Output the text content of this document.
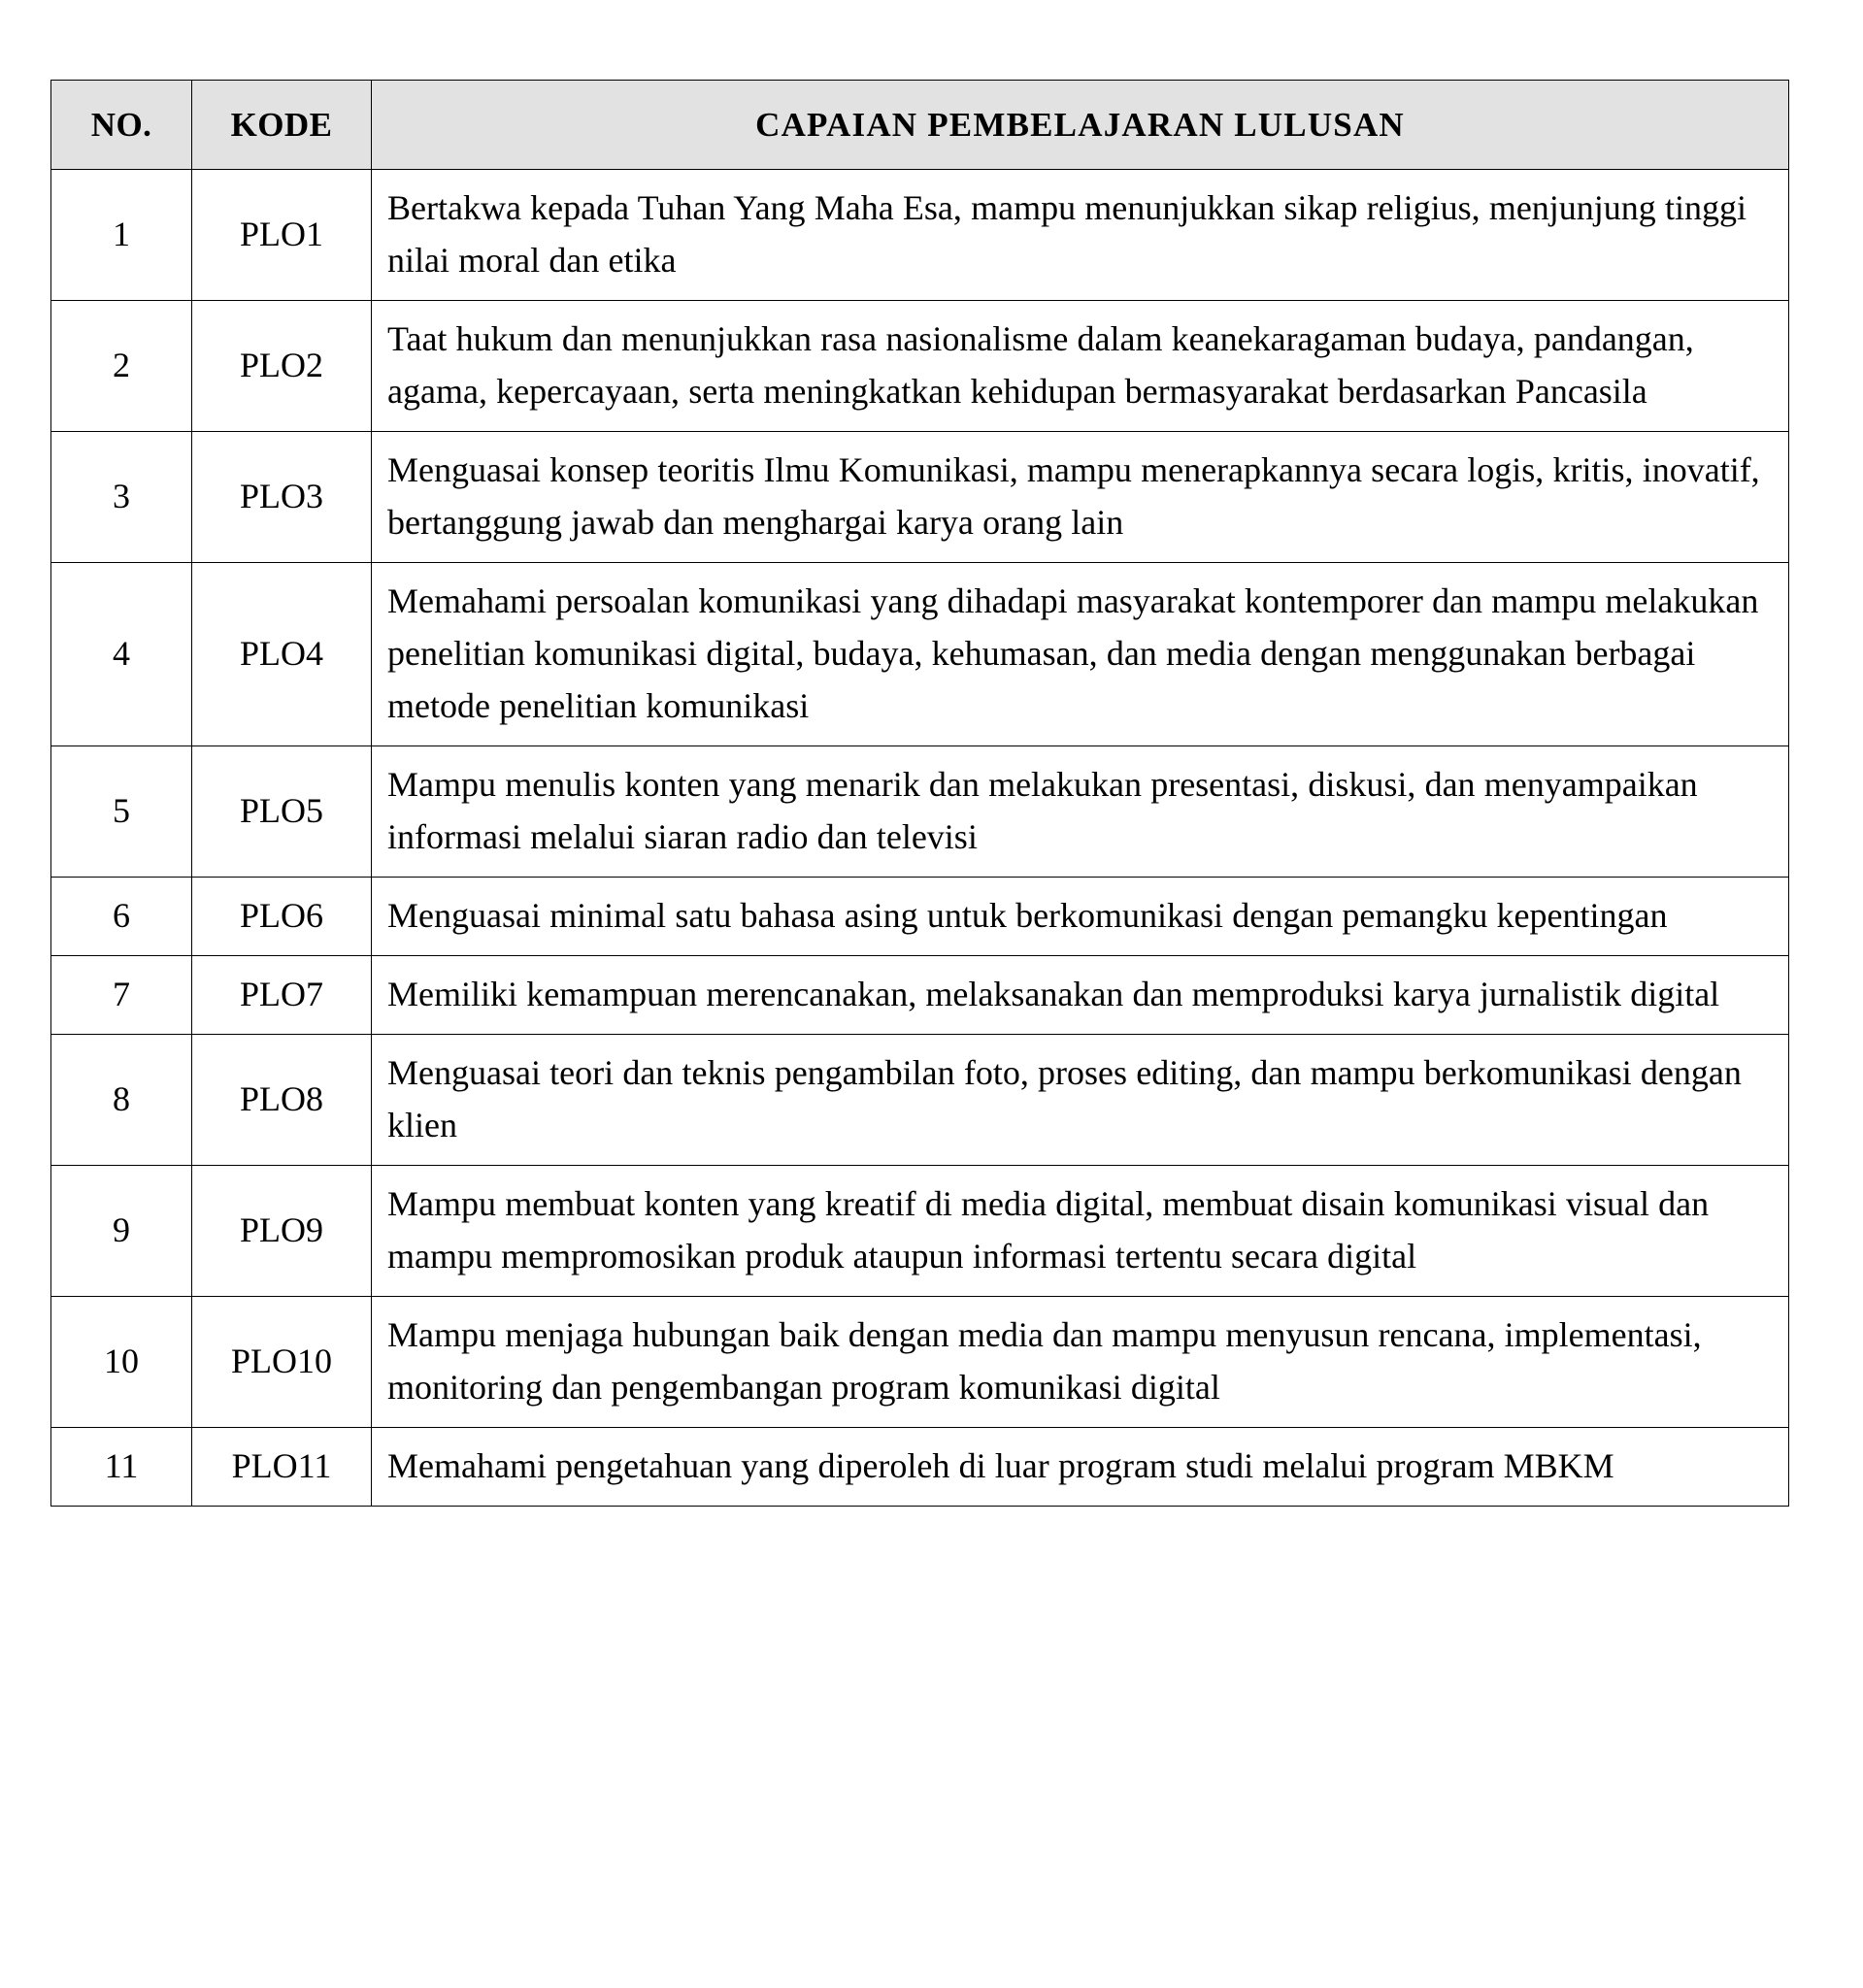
NO.	KODE	CAPAIAN PEMBELAJARAN LULUSAN
1	PLO1	Bertakwa kepada Tuhan Yang Maha Esa, mampu menunjukkan sikap religius, menjunjung tinggi nilai moral dan etika
2	PLO2	Taat hukum dan menunjukkan rasa nasionalisme dalam keanekaragaman budaya, pandangan, agama, kepercayaan, serta meningkatkan kehidupan bermasyarakat berdasarkan Pancasila
3	PLO3	Menguasai konsep teoritis Ilmu Komunikasi, mampu menerapkannya secara logis, kritis, inovatif, bertanggung jawab dan menghargai karya orang lain
4	PLO4	Memahami persoalan komunikasi yang dihadapi masyarakat kontemporer dan mampu melakukan penelitian komunikasi digital, budaya, kehumasan, dan media dengan menggunakan berbagai metode penelitian komunikasi
5	PLO5	Mampu menulis konten yang menarik dan melakukan presentasi, diskusi, dan menyampaikan informasi melalui siaran radio dan televisi
6	PLO6	Menguasai minimal satu bahasa asing untuk berkomunikasi dengan pemangku kepentingan
7	PLO7	Memiliki kemampuan merencanakan, melaksanakan dan memproduksi karya jurnalistik digital
8	PLO8	Menguasai teori dan teknis pengambilan foto, proses editing, dan mampu berkomunikasi dengan klien
9	PLO9	Mampu membuat konten yang kreatif di media digital, membuat disain komunikasi visual dan mampu mempromosikan produk ataupun informasi tertentu secara digital
10	PLO10	Mampu menjaga hubungan baik dengan media dan mampu menyusun rencana, implementasi, monitoring dan pengembangan program komunikasi digital
11	PLO11	Memahami pengetahuan yang diperoleh di luar program studi melalui program MBKM
